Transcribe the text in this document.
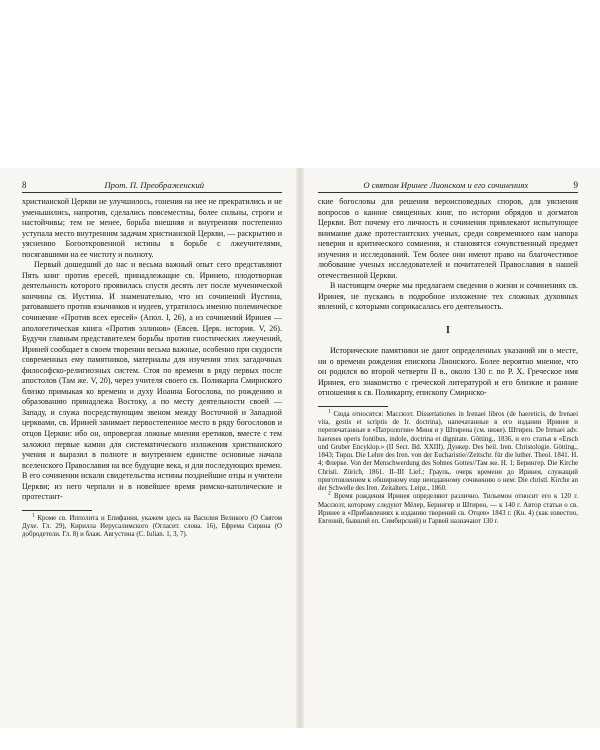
8	Прот. П. Преображенский

христианской Церкви не улучшилось, гонения на нее не прекратились и не уменьшились, напротив, сделались повсеместны, более сильны, строги и настойчивы; тем не менее, борьба внешняя и внутренняя постепенно уступала место внутренним задачам христианской Церкви, — раскрытию и уяснению Богооткровенной истины в борьбе с лжеучителями, посягавшими на ее чистоту и полноту.

Первый дошедший до нас и весьма важный опыт сего представляют Пять книг против ересей, принадлежащие св. Иринею, плодотворная деятельность которого проявилась спустя десять лет после мученической кончины св. Иустина. И знаменательно, что из сочинений Иустина, ратовавшего против язычников и иудеев, утратилось именно полемическое сочинение «Против всех ересей» (Апол. I, 26), а из сочинений Иринея — апологетическая книга «Против эллинов» (Евсев. Церк. история. V, 26). Будучи главным представителем борьбы против гностических лжеучений, Ириней сообщает в своем творении весьма важные, особенно при скудости современных ему памятников, материалы для изучения этих загадочных философско-религиозных систем. Стоя по времени в ряду первых после апостолов (Там же. V, 20), через учителя своего св. Поликарпа Смирнского близко примыкая ко времени и духу Иоанна Богослова, по рождению и образованию принадлежа Востоку, а по месту деятельности своей — Западу, и служа посредствующим звеном между Восточной и Западной церквами, св. Ириней занимает первостепенное место в ряду богословов и отцов Церкви: ибо он, опровергая ложные мнения еретиков, вместе с тем заложил первые камни для систематического изложения христианского учения и выразил в полноте и внутреннем единстве основные начала вселенского Православия на все будущие века, и для последующих времен. В его сочинении искали свидетельства истины позднейшие отцы и учители Церкви; из него черпали и в новейшее время римско-католические и протестант-

$^1$ Кроме св. Ипполита и Епифания, укажем здесь на Василия Великого (О Святом Духе. Гл. 29), Кирилла Иерусалимского (Огласит. слова. 16), Ефрема Сирина (О добродетели. Гл. 8) и блаж. Августина (С. Iulian. 1, 3, 7).

О святом Иринее Лионском и его сочинениях	9

ские богословы для решения вероисповедных споров, для уяснения вопросов о каноне священных книг, по истории обрядов и догматов Церкви. Вот почему его личность и сочинения привлекают испытующее внимание даже протестантских ученых, среди современного нам напора неверия и критического сомнения, и становятся сочувственный предмет изучения и исследований. Тем более они имеют право на благочестивое любование ученых исследователей и почитателей Православия в нашей отечественной Церкви.

В настоящем очерке мы предлагаем сведения о жизни и сочинениях св. Иринея, не пускаясь в подробное изложение тех сложных духовных явлений, с которыми соприкасалась его деятельность.

I

Исторические памятники не дают определенных указаний ни о месте, ни о времени рождения епископа Лионского. Более вероятно мнение, что он родился во второй четверти II в., около 130 г. по Р. Х. Греческое имя Иринея, его знакомство с греческой литературой и его близкие и ранние отношения к св. Поликарпу, епископу Смирнско-

$^1$ Сюда относятся: Массюэт. Dissertationes in Irenaei libros (de haereticis, de Irenaei vita, gestis et scriptis de Ir. doctrina), напечатанные в его издании Иринея и перепечатанные в «Патрологии» Миня и у Штирена (см. ниже). Штирен. De Irenaei adv. haereses operis fontibus, indole, doctrina et dignitate. Götting., 1836, и его статья в «Ersch und Gruber Encyklop.» (II Sect. Bd. XXIII). Дункер. Des heil. Iren. Christologie. Götting., 1843; Тирш. Die Lehre des Iren. von der Eucharistie//Zeitschr. für die luther. Theol. 1841. H. 4; Флерке. Von der Menschwerdung des Sohnes Gottes//Там же. H. 1; Берингер. Die Kirche Christi. Zürich, 1861. II–III Lief.; Граупь, очерк времени до Иринея, служащий приготовлением к обширному еще неизданному сочинению о нем: Die christl. Kirche an der Schwelle des Iren. Zeitalters. Leipz., 1860.

$^2$ Время рождения Иринея определяют различно. Тильемон относит его к 120 г. Массюэт, которому следуют Мёлер, Берингер и Штирен, — к 140 г. Автор статьи о св. Иринее в «Прибавлениях к изданию творений св. Отцев» 1843 г. (Кн. 4) (как известно, Евгений, бывший еп. Симбирский) и Гарвей назначают 130 г.
